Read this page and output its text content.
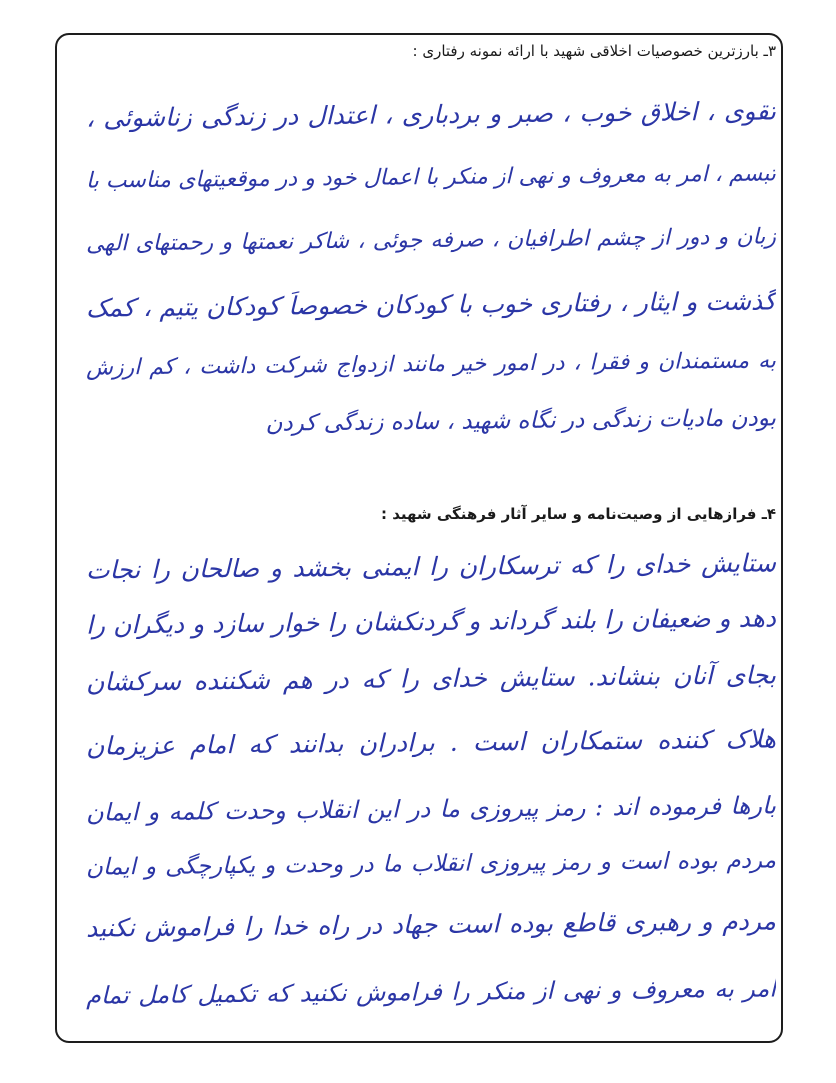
۳ـ بارزترین خصوصیات اخلاقی شهید با ارائه نمونه رفتاری :
تقوی ، اخلاق خوب ، صبر و بردباری ، اعتدال در زندگی زناشوئی ،
تبسم ، امر به معروف و نهی از منکر با اعمال خود و در موقعیتهای مناسب با
زبان و دور از چشم اطرافیان ، صرفه جوئی ، شاکر نعمتها و رحمتهای الهی
گذشت و ایثار ، رفتاری خوب با کودکان خصوصاً کودکان یتیم ، کمک
به مستمندان و فقرا ، در امور خیر مانند ازدواج شرکت داشت ، کم ارزش
بودن مادیات زندگی در نگاه شهید ، ساده زندگی کردن
۴ـ فرازهایی از وصیت‌نامه و سایر آثار فرهنگی شهید :
ستایش خدای را که ترسکاران را ایمنی بخشد و صالحان را نجات
دهد و ضعیفان را بلند گرداند و گردنکشان را خوار سازد و دیگران را
بجای آنان بنشاند. ستایش خدای را که در هم شکننده سرکشان
هلاک کننده ستمکاران است . برادران بدانند که امام عزیزمان
بارها فرموده اند : رمز پیروزی ما در این انقلاب وحدت کلمه و ایمان
مردم بوده است و رمز پیروزی انقلاب ما در وحدت و یکپارچگی و ایمان
مردم و رهبری قاطع بوده است جهاد در راه خدا را فراموش نکنید
امر به معروف و نهی از منکر را فراموش نکنید که تکمیل کامل تمام
